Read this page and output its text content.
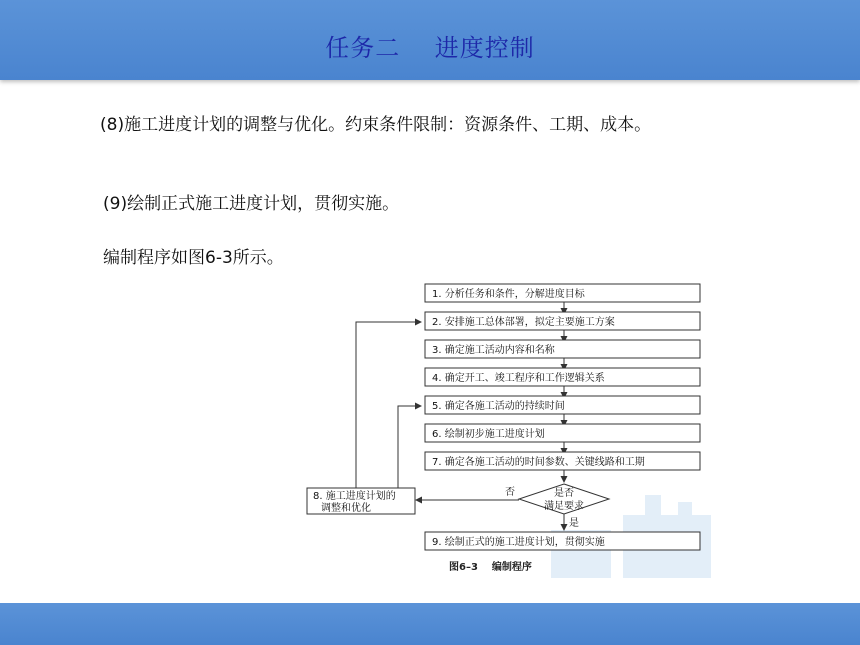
任务二    进度控制
(8)施工进度计划的调整与优化。约束条件限制：资源条件、工期、成本。
(9)绘制正式施工进度计划，贯彻实施。
编制程序如图6-3所示。
1. 分析任务和条件，分解进度目标
2. 安排施工总体部署，拟定主要施工方案
3. 确定施工活动内容和名称
4. 确定开工、竣工程序和工作逻辑关系
5. 确定各施工活动的持续时间
6. 绘制初步施工进度计划
7. 确定各施工活动的时间参数、关键线路和工期
是否
满足要求
否
是
8. 施工进度计划的
调整和优化
9. 绘制正式的施工进度计划，贯彻实施
图6–3    编制程序
